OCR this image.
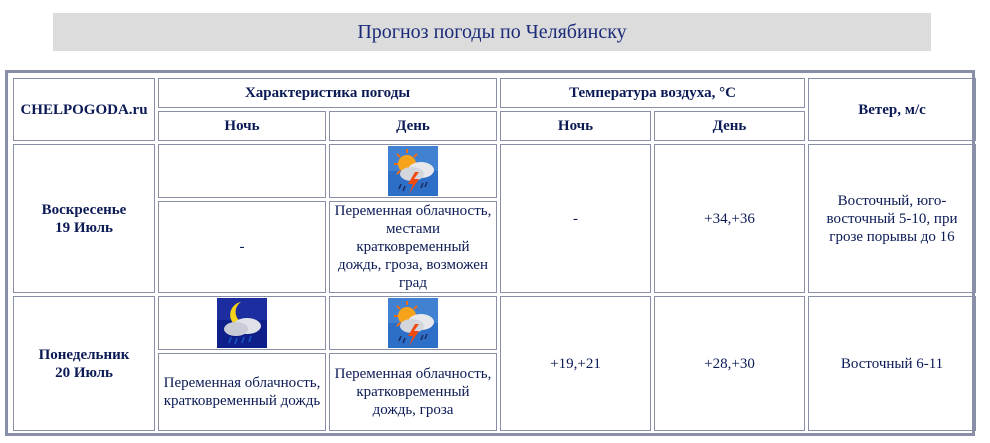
Прогноз погоды по Челябинску
CHELPOGODA.ru	Характеристика погоды		Температура воздуха, °C		Ветер, м/с
	Ночь	День	Ночь	День	

Воскресенье
19 Июль			-	+34,+36	Восточный, юго-восточный 5-10, при грозе порывы до 16
	-	Переменная облачность, местами кратковременный дождь, гроза, возможен град			

Понедельник
20 Июль			+19,+21	+28,+30	Восточный 6-11
	Переменная облачность, кратковременный дождь	Переменная облачность, кратковременный дождь, гроза			
